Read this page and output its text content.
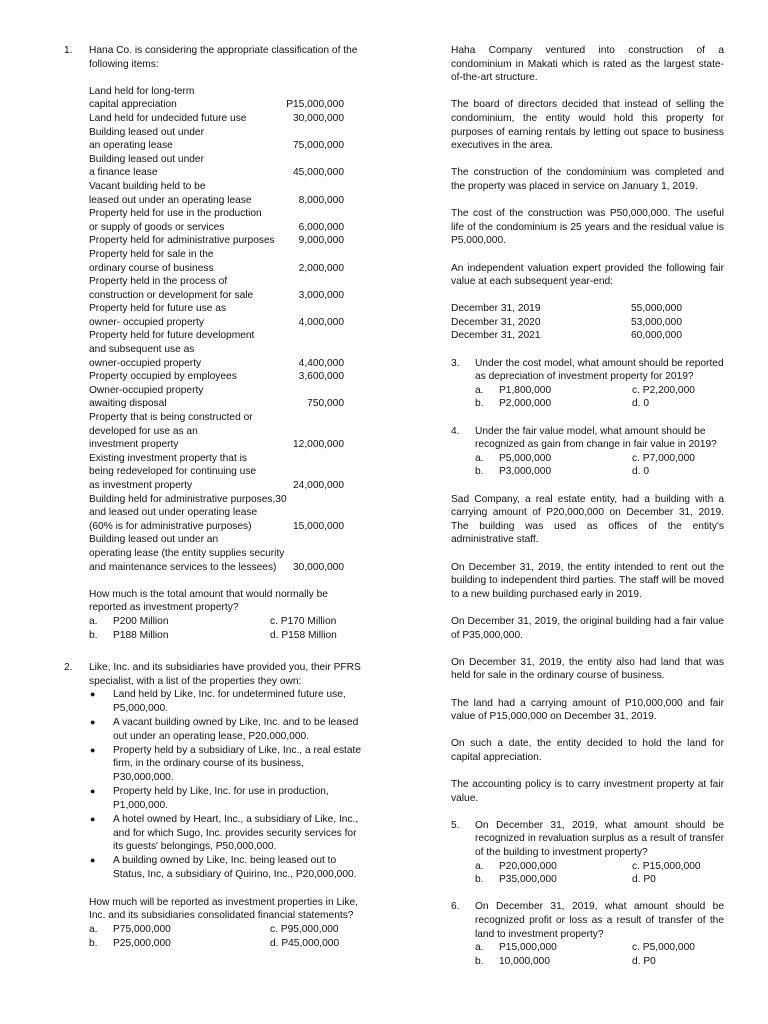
1. Hana Co. is considering the appropriate classification of the
following items:
Land held for long-term
capital appreciation	P15,000,000
Land held for undecided future use	30,000,000
Building leased out under
an operating lease	75,000,000
Building leased out under
a finance lease	45,000,000
Vacant building held to be
leased out under an operating lease	8,000,000
Property held for use in the production
or supply of goods or services	6,000,000
Property held for administrative purposes 9,000,000
Property held for sale in the
ordinary course of business	2,000,000
Property held in the process of
construction or development for sale	3,000,000
Property held for future use as
owner- occupied property	4,000,000
Property held for future development
and subsequent use as
owner-occupied property	4,400,000
Property occupied by employees	3,600,000
Owner-occupied property
awaiting disposal	750,000
Property that is being constructed or
developed for use as an
investment property	12,000,000
Existing investment property that is
being redeveloped for continuing use
as investment property	24,000,000
Building held for administrative purposes,30
and leased out under operating lease
(60% is for administrative purposes)	15,000,000
Building leased out under an
operating lease (the entity supplies security
and maintenance services to the lessees) 30,000,000
How much is the total amount that would normally be
reported as investment property?
a. P200 Million	c. P170 Million
b. P188 Million	d. P158 Million
2. Like, Inc. and its subsidiaries have provided you, their PFRS
specialist, with a list of the properties they own:
● Land held by Like, Inc. for undetermined future use,
P5,000,000.
● A vacant building owned by Like, Inc. and to be leased
out under an operating lease, P20,000,000.
● Property held by a subsidiary of Like, Inc., a real estate
firm, in the ordinary course of its business,
P30,000,000.
● Property held by Like, Inc. for use in production,
P1,000,000.
● A hotel owned by Heart, Inc., a subsidiary of Like, Inc.,
and for which Sugo, Inc. provides security services for
its guests' belongings, P50,000,000.
● A building owned by Like, Inc. being leased out to
Status, Inc, a subsidiary of Quirino, Inc., P20,000,000.
How much will be reported as investment properties in Like,
Inc. and its subsidiaries consolidated financial statements?
a. P75,000,000	c. P95,000,000
b. P25,000,000	d. P45,000,000
Haha Company ventured into construction of a condominium in Makati which is rated as the largest state-of-the-art structure.
The board of directors decided that instead of selling the condominium, the entity would hold this property for purposes of earning rentals by letting out space to business executives in the area.
The construction of the condominium was completed and the property was placed in service on January 1, 2019.
The cost of the construction was P50,000,000. The useful life of the condominium is 25 years and the residual value is P5,000,000.
An independent valuation expert provided the following fair value at each subsequent year-end:
December 31, 2019	55,000,000
December 31, 2020	53,000,000
December 31, 2021	60,000,000
3. Under the cost model, what amount should be reported
as depreciation of investment property for 2019?
a. P1,800,000	c. P2,200,000
b. P2,000,000	d. 0
4. Under the fair value model, what amount should be
recognized as gain from change in fair value in 2019?
a. P5,000,000	c. P7,000,000
b. P3,000,000	d. 0
Sad Company, a real estate entity, had a building with a carrying amount of P20,000,000 on December 31, 2019. The building was used as offices of the entity's administrative staff.
On December 31, 2019, the entity intended to rent out the building to independent third parties. The staff will be moved to a new building purchased early in 2019.
On December 31, 2019, the original building had a fair value of P35,000,000.
On December 31, 2019, the entity also had land that was held for sale in the ordinary course of business.
The land had a carrying amount of P10,000,000 and fair value of P15,000,000 on December 31, 2019.
On such a date, the entity decided to hold the land for capital appreciation.
The accounting policy is to carry investment property at fair value.
5. On December 31, 2019, what amount should be recognized in revaluation surplus as a result of transfer of the building to investment property?
a. P20,000,000	c. P15,000,000
b. P35,000,000	d. P0
6. On December 31, 2019, what amount should be recognized profit or loss as a result of transfer of the land to investment property?
a. P15,000,000	c. P5,000,000
b. 10,000,000	d. P0
